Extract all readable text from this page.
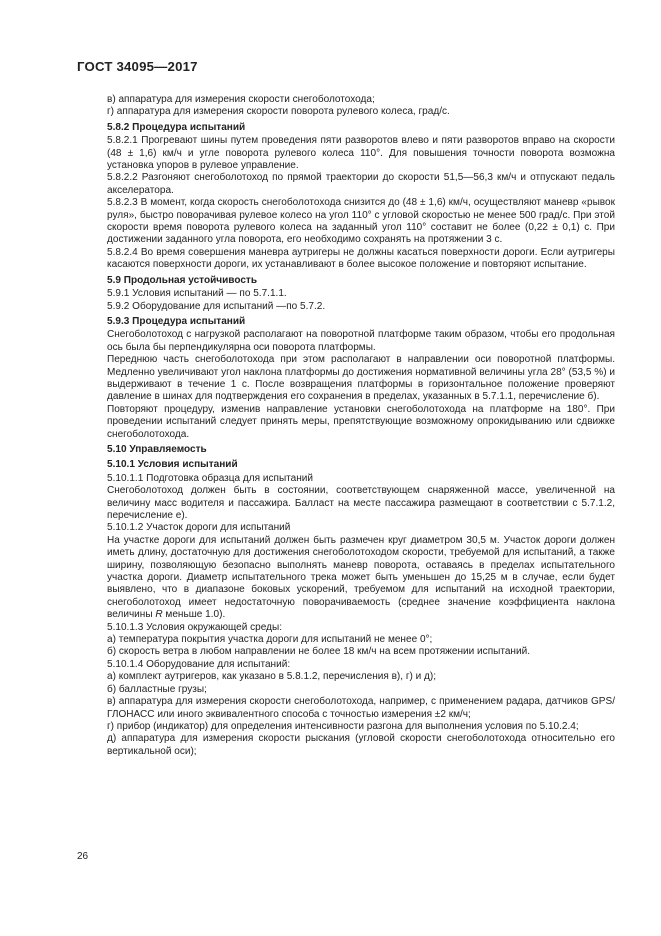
ГОСТ 34095—2017

в) аппаратура для измерения скорости снегоболотохода;

г) аппаратура для измерения скорости поворота рулевого колеса, град/с.

5.8.2 Процедура испытаний

5.8.2.1 Прогревают шины путем проведения пяти разворотов влево и пяти разворотов вправо на скорости (48 ± 1,6) км/ч и угле поворота рулевого колеса 110°. Для повышения точности поворота возможна установка упоров в рулевое управление.

5.8.2.2 Разгоняют снегоболотоход по прямой траектории до скорости 51,5—56,3 км/ч и отпускают педаль акселератора.

5.8.2.3 В момент, когда скорость снегоболотохода снизится до (48 ± 1,6) км/ч, осуществляют маневр «рывок руля», быстро поворачивая рулевое колесо на угол 110° с угловой скоростью не менее 500 град/с. При этой скорости время поворота рулевого колеса на заданный угол 110° составит не более (0,22 ± 0,1) с. При достижении заданного угла поворота, его необходимо сохранять на протяжении 3 с.

5.8.2.4 Во время совершения маневра аутригеры не должны касаться поверхности дороги. Если аутригеры касаются поверхности дороги, их устанавливают в более высокое положение и повторяют испытание.

5.9 Продольная устойчивость

5.9.1 Условия испытаний — по 5.7.1.1.

5.9.2 Оборудование для испытаний —по 5.7.2.

5.9.3 Процедура испытаний

Снегоболотоход с нагрузкой располагают на поворотной платформе таким образом, чтобы его продольная ось была бы перпендикулярна оси поворота платформы.

Переднюю часть снегоболотохода при этом располагают в направлении оси поворотной платформы. Медленно увеличивают угол наклона платформы до достижения нормативной величины угла 28° (53,5 %) и выдерживают в течение 1 с. После возвращения платформы в горизонтальное положение проверяют давление в шинах для подтверждения его сохранения в пределах, указанных в 5.7.1.1, перечисление б).

Повторяют процедуру, изменив направление установки снегоболотохода на платформе на 180°. При проведении испытаний следует принять меры, препятствующие возможному опрокидыванию или сдвижке снегоболотохода.

5.10 Управляемость

5.10.1 Условия испытаний

5.10.1.1 Подготовка образца для испытаний

Снегоболотоход должен быть в состоянии, соответствующем снаряженной массе, увеличенной на величину масс водителя и пассажира. Балласт на месте пассажира размещают в соответствии с 5.7.1.2, перечисление е).

5.10.1.2 Участок дороги для испытаний

На участке дороги для испытаний должен быть размечен круг диаметром 30,5 м. Участок дороги должен иметь длину, достаточную для достижения снегоболотоходом скорости, требуемой для испытаний, а также ширину, позволяющую безопасно выполнять маневр поворота, оставаясь в пределах испытательного участка дороги. Диаметр испытательного трека может быть уменьшен до 15,25 м в случае, если будет выявлено, что в диапазоне боковых ускорений, требуемом для испытаний на исходной траектории, снегоболотоход имеет недостаточную поворачиваемость (среднее значение коэффициента наклона величины R меньше 1.0).

5.10.1.3 Условия окружающей среды:

а) температура покрытия участка дороги для испытаний не менее 0°;

б) скорость ветра в любом направлении не более 18 км/ч на всем протяжении испытаний.

5.10.1.4 Оборудование для испытаний:

а) комплект аутригеров, как указано в 5.8.1.2, перечисления в), г) и д);

б) балластные грузы;

в) аппаратура для измерения скорости снегоболотохода, например, с применением радара, датчиков GPS/ГЛОНАСС или иного эквивалентного способа с точностью измерения ±2 км/ч;

г) прибор (индикатор) для определения интенсивности разгона для выполнения условия по 5.10.2.4;

д) аппаратура для измерения скорости рыскания (угловой скорости снегоболотохода относительно его вертикальной оси);

26
